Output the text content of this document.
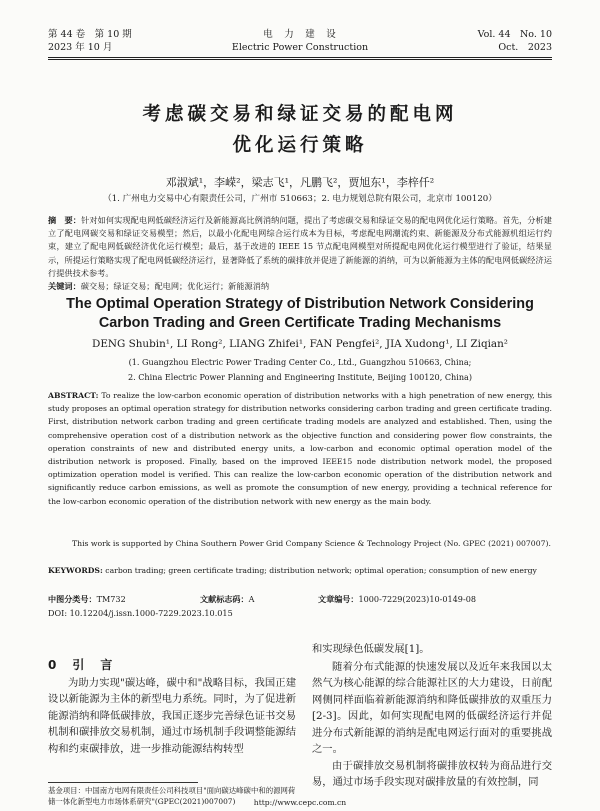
第 44 卷　第 10 期
2023 年 10 月
电　力　建　设
Electric Power Construction
Vol. 44　No. 10
Oct.　2023
考虑碳交易和绿证交易的配电网
优化运行策略
邓淑斌¹，李嵘²，梁志飞¹，凡鹏飞²，贾旭东¹，李梓仟²
（1. 广州电力交易中心有限责任公司，广州市 510663；2. 电力规划总院有限公司，北京市 100120）
摘　要：针对如何实现配电网低碳经济运行及新能源高比例消纳问题，提出了考虑碳交易和绿证交易的配电网优化运行策略。首先，分析建立了配电网碳交易和绿证交易模型；然后，以最小化配电网综合运行成本为目标，考虑配电网潮流约束、新能源及分布式能源机组运行约束，建立了配电网低碳经济优化运行模型；最后，基于改进的 IEEE 15 节点配电网模型对所提配电网优化运行模型进行了验证，结果显示，所提运行策略实现了配电网低碳经济运行，显著降低了系统的碳排放并促进了新能源的消纳，可为以新能源为主体的配电网低碳经济运行提供技术参考。
关键词：碳交易；绿证交易；配电网；优化运行；新能源消纳
The Optimal Operation Strategy of Distribution Network Considering
Carbon Trading and Green Certificate Trading Mechanisms
DENG Shubin¹, LI Rong², LIANG Zhifei¹, FAN Pengfei², JIA Xudong¹, LI Ziqian²
(1. Guangzhou Electric Power Trading Center Co., Ltd., Guangzhou 510663, China;
2. China Electric Power Planning and Engineering Institute, Beijing 100120, China)
ABSTRACT: To realize the low-carbon economic operation of distribution networks with a high penetration of new energy, this study proposes an optimal operation strategy for distribution networks considering carbon trading and green certificate trading. First, distribution network carbon trading and green certificate trading models are analyzed and established. Then, using the comprehensive operation cost of a distribution network as the objective function and considering power flow constraints, the operation constraints of new and distributed energy units, a low-carbon and economic optimal operation model of the distribution network is proposed. Finally, based on the improved IEEE15 node distribution network model, the proposed optimization operation model is verified. This can realize the low-carbon economic operation of the distribution network and significantly reduce carbon emissions, as well as promote the consumption of new energy, providing a technical reference for the low-carbon economic operation of the distribution network with new energy as the main body.
This work is supported by China Southern Power Grid Company Science & Technology Project (No. GPEC (2021) 007007).
KEYWORDS: carbon trading; green certificate trading; distribution network; optimal operation; consumption of new energy
中图分类号：TM732	文献标志码：A	文章编号：1000-7229(2023)10-0149-08
DOI: 10.12204/j.issn.1000-7229.2023.10.015
0　引　言
为助力实现"碳达峰，碳中和"战略目标，我国正建设以新能源为主体的新型电力系统。同时，为了促进新能源消纳和降低碳排放，我国正逐步完善绿色证书交易机制和碳排放交易机制，通过市场机制手段调整能源结构和约束碳排放，进一步推动能源结构转型
基金项目：中国南方电网有限责任公司科技项目"面向碳达峰碳中和的源网荷储一体化新型电力市场体系研究"(GPEC(2021)007007)
和实现绿色低碳发展[1]。
随着分布式能源的快速发展以及近年来我国以太然气为核心能源的综合能源社区的大力建设，日前配网侧同样面临着新能源消纳和降低碳排放的双重压力[2-3]。因此，如何实现配电网的低碳经济运行并促进分布式新能源的消纳是配电网运行面对的重要挑战之一。
由于碳排放交易机制将碳排放权转为商品进行交易，通过市场手段实现对碳排放量的有效控制，同
http://www.cepc.com.cn
